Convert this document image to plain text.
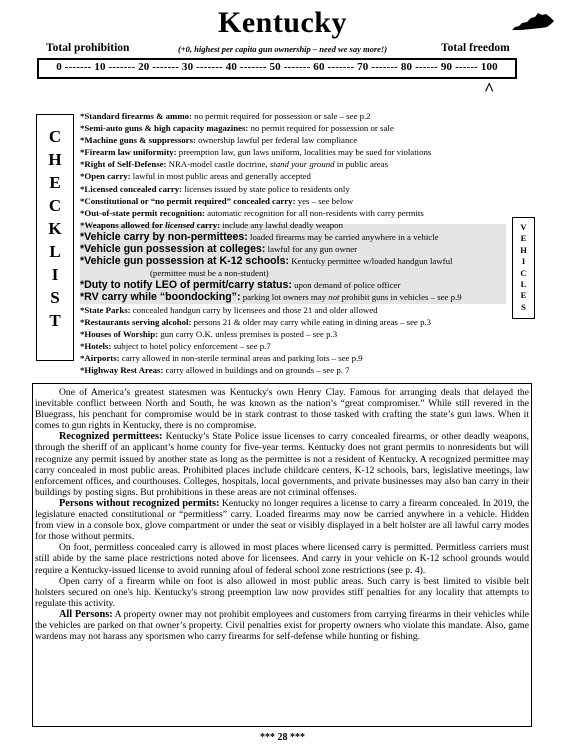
Kentucky
Total prohibition	(+0, highest per capita gun ownership – need we say more!)	Total freedom
0 ------- 10 ------- 20 ------- 30 ------- 40 ------- 50 ------- 60 ------- 70 ------- 80 ------ 90 ------ 100
^
C
H
E
C
K
L
I
S
T
V
E
H
I
C
L
E
S
*Standard firearms & ammo: no permit required for possession or sale – see p.2
*Semi-auto guns & high capacity magazines: no permit required for possession or sale
*Machine guns & suppressors: ownership lawful per federal law compliance
*Firearm law uniformity: preemption law, gun laws uniform, localities may be sued for violations
*Right of Self-Defense: NRA-model castle doctrine, stand your ground in public areas
*Open carry: lawful in most public areas and generally accepted
*Licensed concealed carry: licenses issued by state police to residents only
*Constitutional or “no permit required” concealed carry: yes – see below
*Out-of-state permit recognition: automatic recognition for all non-residents with carry permits
*Weapons allowed for licensed carry: include any lawful deadly weapon
*Vehicle carry by non-permittees: loaded firearms may be carried anywhere in a vehicle
*Vehicle gun possession at colleges: lawful for any gun owner
*Vehicle gun possession at K-12 schools: Kentucky permittee w/loaded handgun lawful
(permittee must be a non-student)
*Duty to notify LEO of permit/carry status: upon demand of police officer
*RV carry while “boondocking”: parking lot owners may not prohibit guns in vehicles – see p.9
*State Parks: concealed handgun carry by licensees and those 21 and older allowed
*Restaurants serving alcohol: persons 21 & older may carry while eating in dining areas – see p.3
*Houses of Worship: gun carry O.K. unless premises is posted – see p.3
*Hotels: subject to hotel policy enforcement – see p.7
*Airports: carry allowed in non-sterile terminal areas and parking lots – see p.9
*Highway Rest Areas: carry allowed in buildings and on grounds – see p. 7

One of America’s greatest statesmen was Kentucky's own Henry Clay. Famous for arranging deals that delayed the inevitable conflict between North and South, he was known as the nation’s “great compromiser.” While still revered in the Bluegrass, his penchant for compromise would be in stark contrast to those tasked with crafting the state’s gun laws. When it comes to gun rights in Kentucky, there is no compromise.

Recognized permittees: Kentucky’s State Police issue licenses to carry concealed firearms, or other deadly weapons, through the sheriff of an applicant’s home county for five-year terms. Kentucky does not grant permits to nonresidents but will recognize any permit issued by another state as long as the permittee is not a resident of Kentucky. A recognized permittee may carry concealed in most public areas. Prohibited places include childcare centers, K-12 schools, bars, legislative meetings, law enforcement offices, and courthouses. Colleges, hospitals, local governments, and private businesses may also ban carry in their buildings by posting signs. But prohibitions in these areas are not criminal offenses.

Persons without recognized permits: Kentucky no longer requires a license to carry a firearm concealed. In 2019, the legislature enacted constitutional or “permitless” carry. Loaded firearms may now be carried anywhere in a vehicle. Hidden from view in a console box, glove compartment or under the seat or visibly displayed in a belt holster are all lawful carry modes for those without permits.

On foot, permitless concealed carry is allowed in most places where licensed carry is permitted. Permitless carriers must still abide by the same place restrictions noted above for licensees. And carry in your vehicle on K-12 school grounds would require a Kentucky-issued license to avoid running afoul of federal school zone restrictions (see p. 4).

Open carry of a firearm while on foot is also allowed in most public areas. Such carry is best limited to visible belt holsters secured on one's hip. Kentucky's strong preemption law now provides stiff penalties for any locality that attempts to regulate this activity.

All Persons: A property owner may not prohibit employees and customers from carrying firearms in their vehicles while the vehicles are parked on that owner’s property. Civil penalties exist for property owners who violate this mandate. Also, game wardens may not harass any sportsmen who carry firearms for self-defense while hunting or fishing.

*** 28 ***
